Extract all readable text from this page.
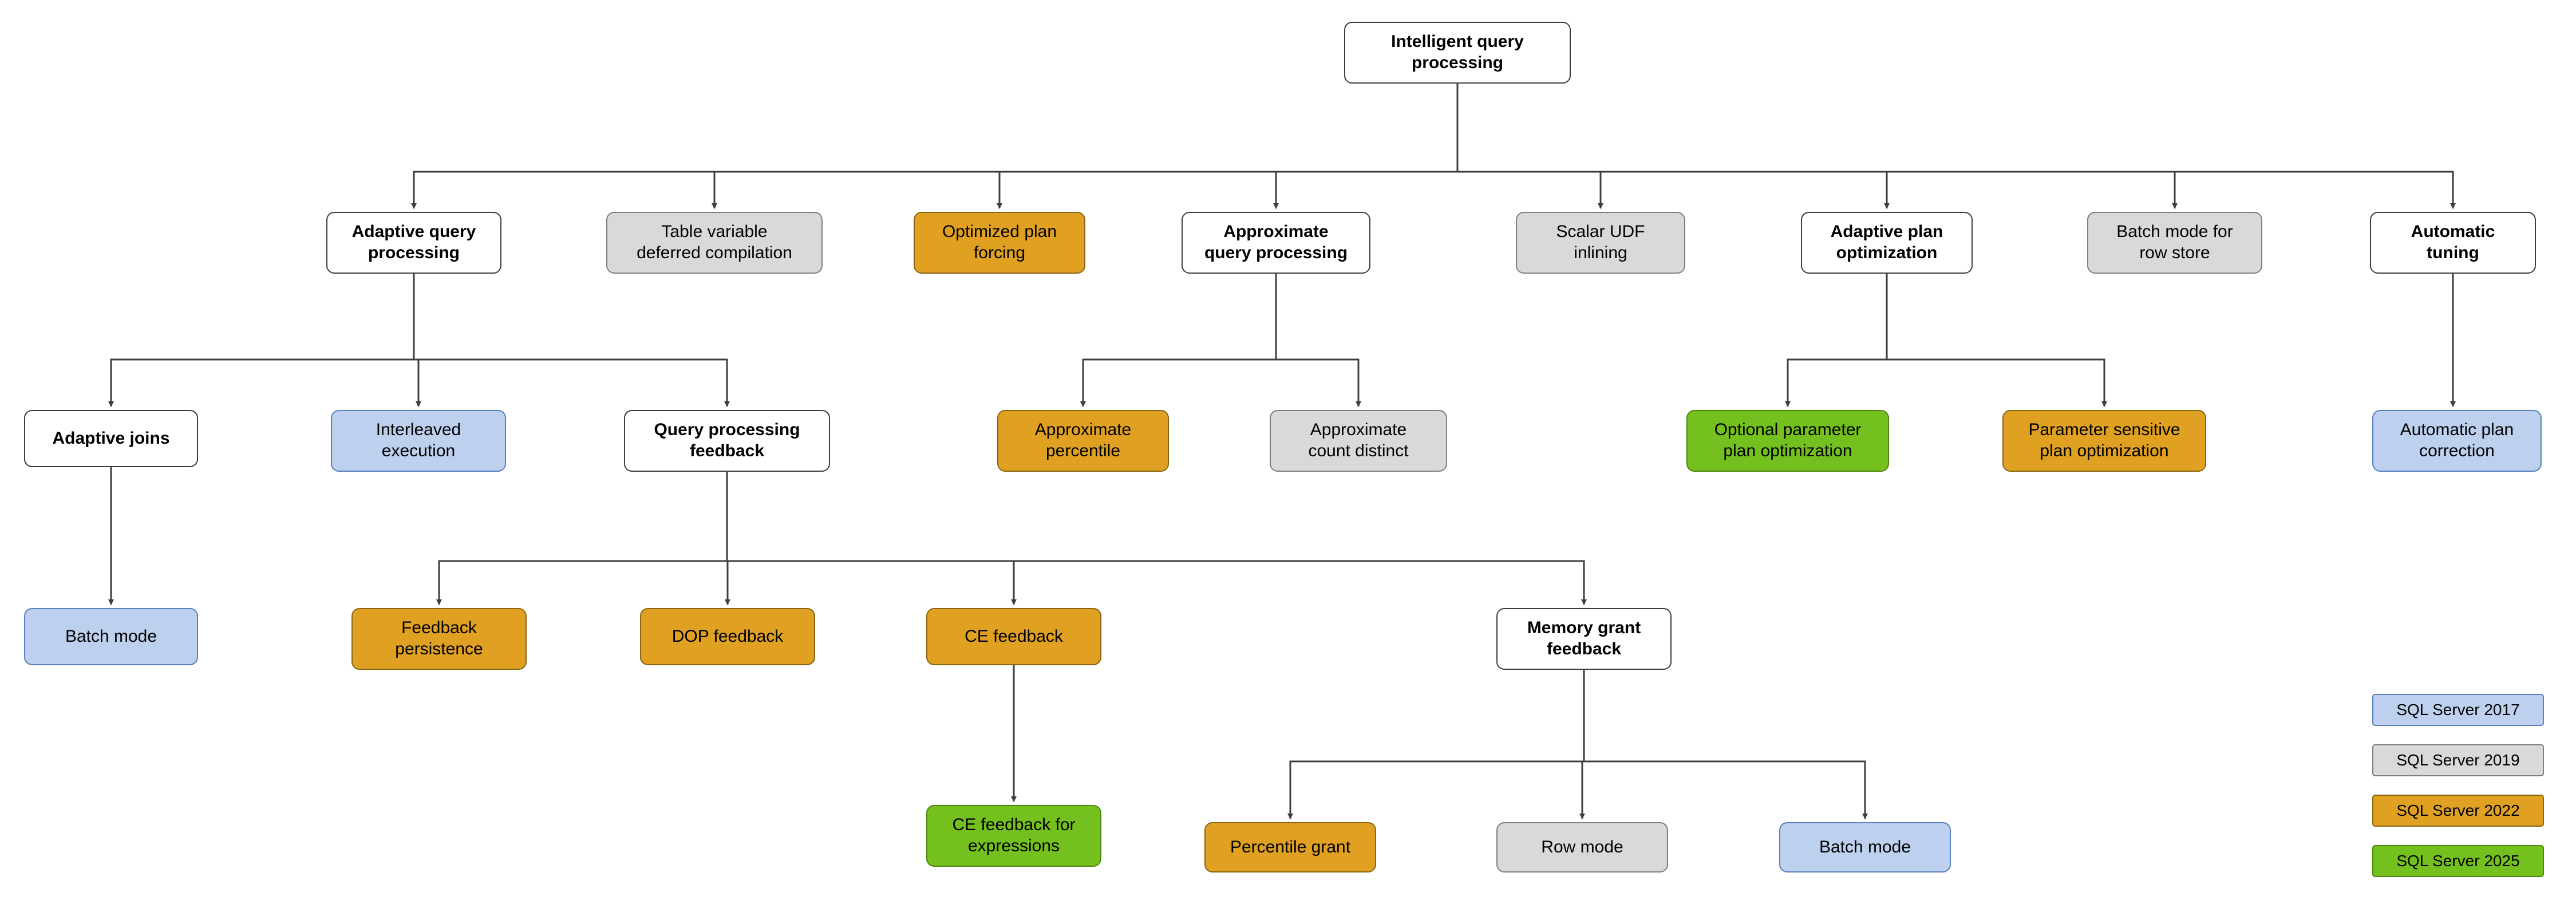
Intelligent query
processing
Adaptive query
processing
Table variable
deferred compilation
Optimized plan
forcing
Approximate
query processing
Scalar UDF
inlining
Adaptive plan
optimization
Batch mode for
row store
Automatic
tuning
Adaptive joins	Interleaved
execution
Query processing
feedback
Approximate
percentile
Approximate
count distinct
Optional parameter
plan optimization
Parameter sensitive
plan optimization
Automatic plan
correction
Batch mode	Feedback
persistence
DOP feedback	CE feedback	Memory grant
feedback
CE feedback for
expressions	Percentile grant	Row mode	Batch mode
SQL Server 2017
SQL Server 2019
SQL Server 2022
SQL Server 2025
